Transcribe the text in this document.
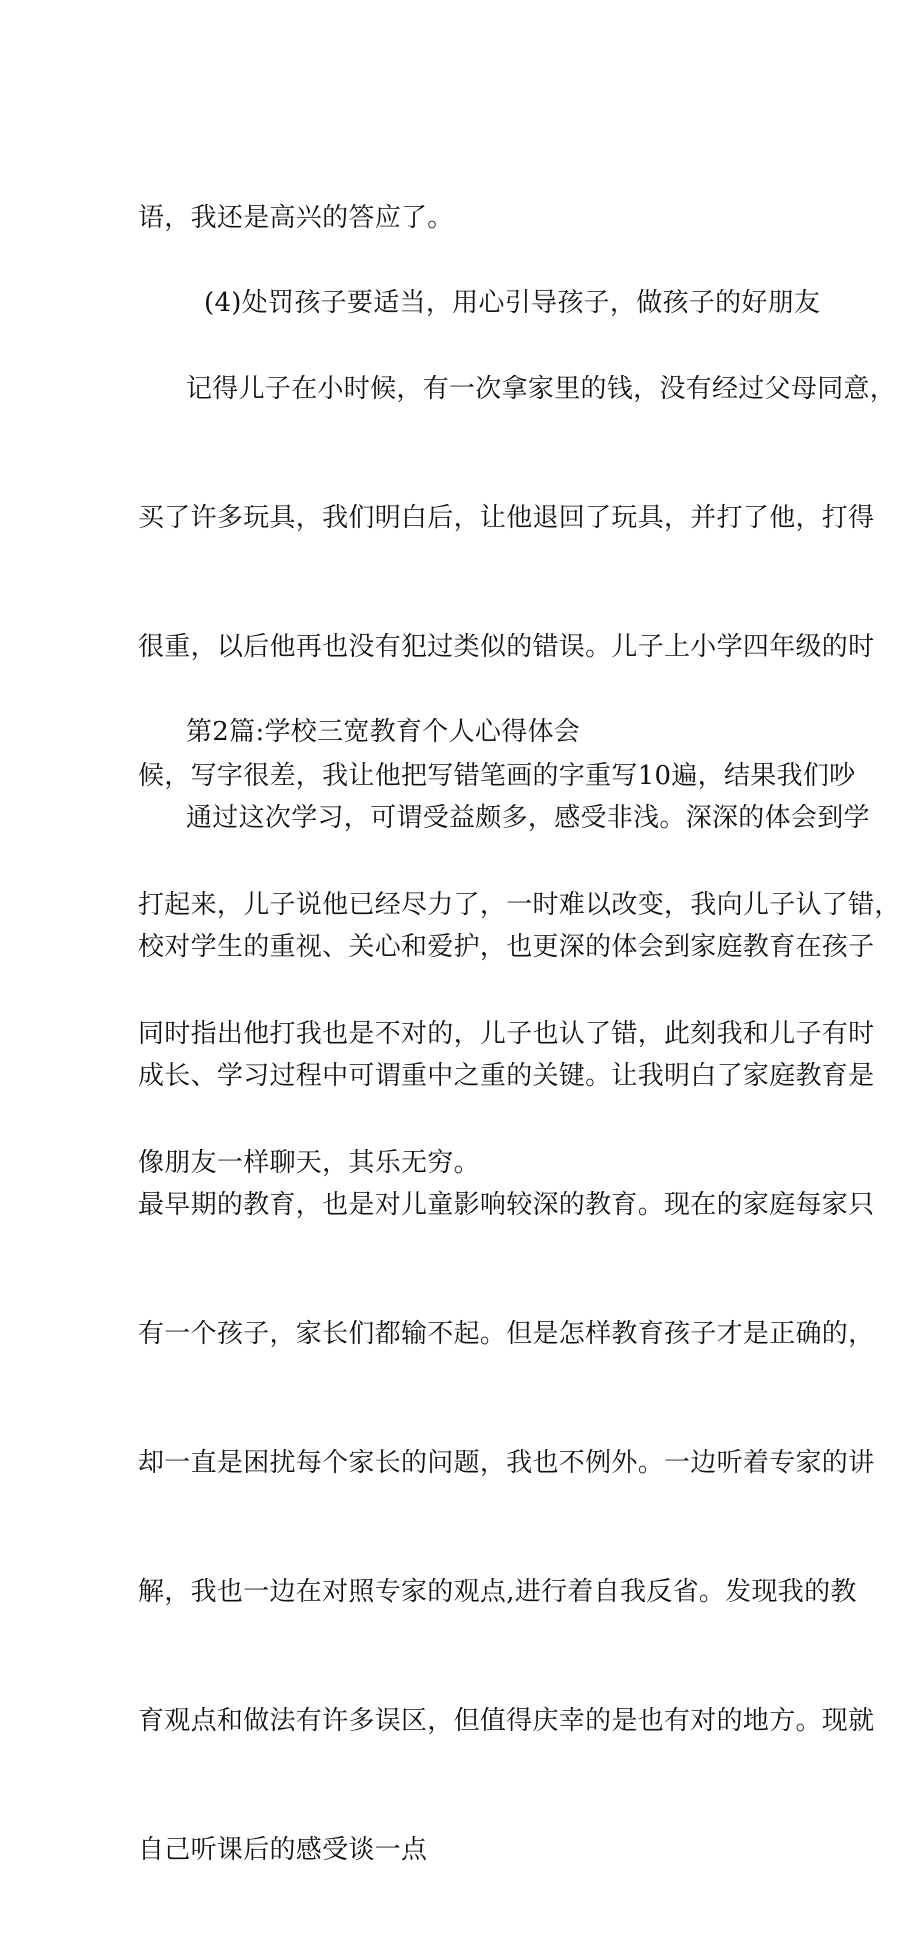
语，我还是高兴的答应了。

(4)处罚孩子要适当，用心引导孩子，做孩子的好朋友

记得儿子在小时候，有一次拿家里的钱，没有经过父母同意，

买了许多玩具，我们明白后，让他退回了玩具，并打了他，打得

很重，以后他再也没有犯过类似的错误。儿子上小学四年级的时

候，写字很差，我让他把写错笔画的字重写10遍，结果我们吵

打起来，儿子说他已经尽力了，一时难以改变，我向儿子认了错，

同时指出他打我也是不对的，儿子也认了错，此刻我和儿子有时

像朋友一样聊天，其乐无穷。

第2篇:学校三宽教育个人心得体会

通过这次学习，可谓受益颇多，感受非浅。深深的体会到学

校对学生的重视、关心和爱护，也更深的体会到家庭教育在孩子

成长、学习过程中可谓重中之重的关键。让我明白了家庭教育是

最早期的教育，也是对儿童影响较深的教育。现在的家庭每家只

有一个孩子，家长们都输不起。但是怎样教育孩子才是正确的，

却一直是困扰每个家长的问题，我也不例外。一边听着专家的讲

解，我也一边在对照专家的观点,进行着自我反省。发现我的教

育观点和做法有许多误区，但值得庆幸的是也有对的地方。现就

自己听课后的感受谈一点
